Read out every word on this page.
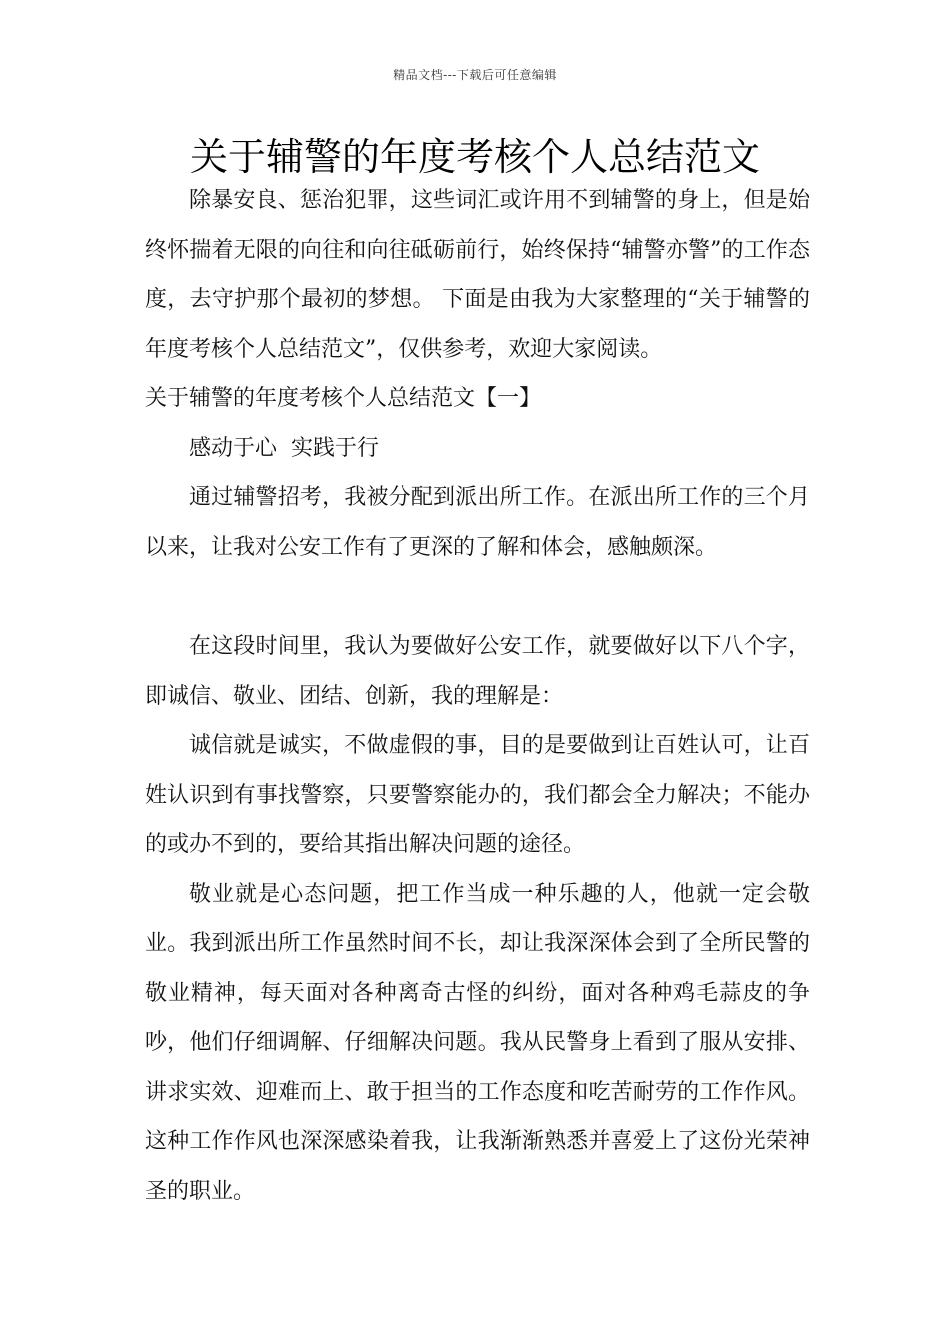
精品文档---下载后可任意编辑
关于辅警的年度考核个人总结范文

除暴安良、惩治犯罪，这些词汇或许用不到辅警的身上，但是始终怀揣着无限的向往和向往砥砺前行，始终保持“辅警亦警”的工作态度，去守护那个最初的梦想。 下面是由我为大家整理的“关于辅警的年度考核个人总结范文”，仅供参考，欢迎大家阅读。

关于辅警的年度考核个人总结范文【一】

感动于心  实践于行

通过辅警招考，我被分配到派出所工作。在派出所工作的三个月以来，让我对公安工作有了更深的了解和体会，感触颇深。

在这段时间里，我认为要做好公安工作，就要做好以下八个字，即诚信、敬业、团结、创新，我的理解是：

诚信就是诚实，不做虚假的事，目的是要做到让百姓认可，让百姓认识到有事找警察，只要警察能办的，我们都会全力解决；不能办的或办不到的，要给其指出解决问题的途径。

敬业就是心态问题，把工作当成一种乐趣的人，他就一定会敬业。我到派出所工作虽然时间不长，却让我深深体会到了全所民警的敬业精神，每天面对各种离奇古怪的纠纷，面对各种鸡毛蒜皮的争吵，他们仔细调解、仔细解决问题。我从民警身上看到了服从安排、讲求实效、迎难而上、敢于担当的工作态度和吃苦耐劳的工作作风。这种工作作风也深深感染着我，让我渐渐熟悉并喜爱上了这份光荣神圣的职业。
